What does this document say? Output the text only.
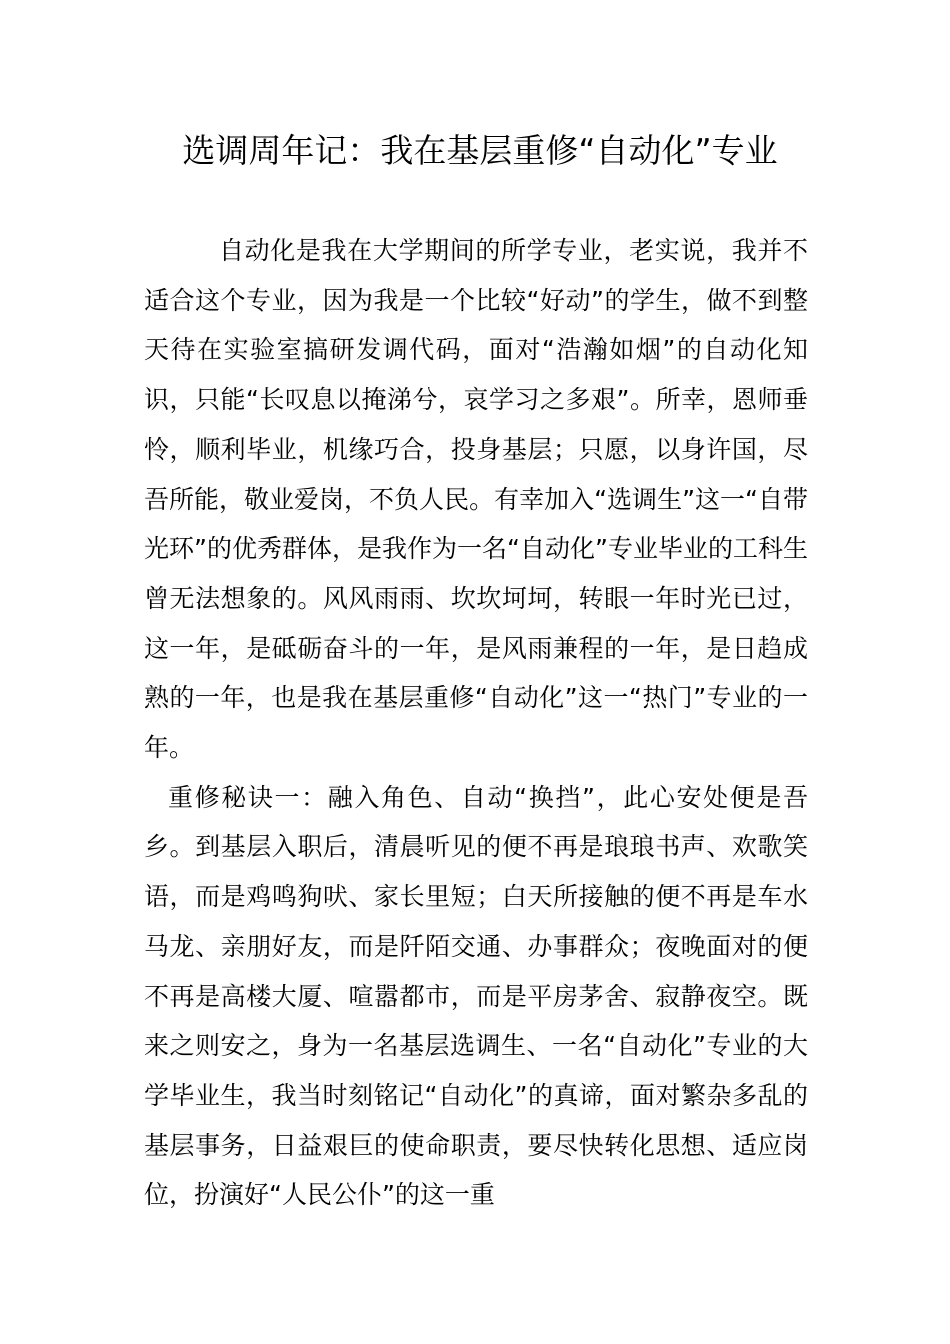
选调周年记：我在基层重修“自动化”专业

自动化是我在大学期间的所学专业，老实说，我并不适合这个专业，因为我是一个比较“好动”的学生，做不到整天待在实验室搞研发调代码，面对“浩瀚如烟”的自动化知识，只能“长叹息以掩涕兮，哀学习之多艰”。所幸，恩师垂怜，顺利毕业，机缘巧合，投身基层；只愿，以身许国，尽吾所能，敬业爱岗，不负人民。有幸加入“选调生”这一“自带光环”的优秀群体，是我作为一名“自动化”专业毕业的工科生曾无法想象的。风风雨雨、坎坎坷坷，转眼一年时光已过，这一年，是砥砺奋斗的一年，是风雨兼程的一年，是日趋成熟的一年，也是我在基层重修“自动化”这一“热门”专业的一年。

重修秘诀一：融入角色、自动“换挡”，此心安处便是吾乡。到基层入职后，清晨听见的便不再是琅琅书声、欢歌笑语，而是鸡鸣狗吠、家长里短；白天所接触的便不再是车水马龙、亲朋好友，而是阡陌交通、办事群众；夜晚面对的便不再是高楼大厦、喧嚣都市，而是平房茅舍、寂静夜空。既来之则安之，身为一名基层选调生、一名“自动化”专业的大学毕业生，我当时刻铭记“自动化”的真谛，面对繁杂多乱的基层事务，日益艰巨的使命职责，要尽快转化思想、适应岗位，扮演好“人民公仆”的这一重
